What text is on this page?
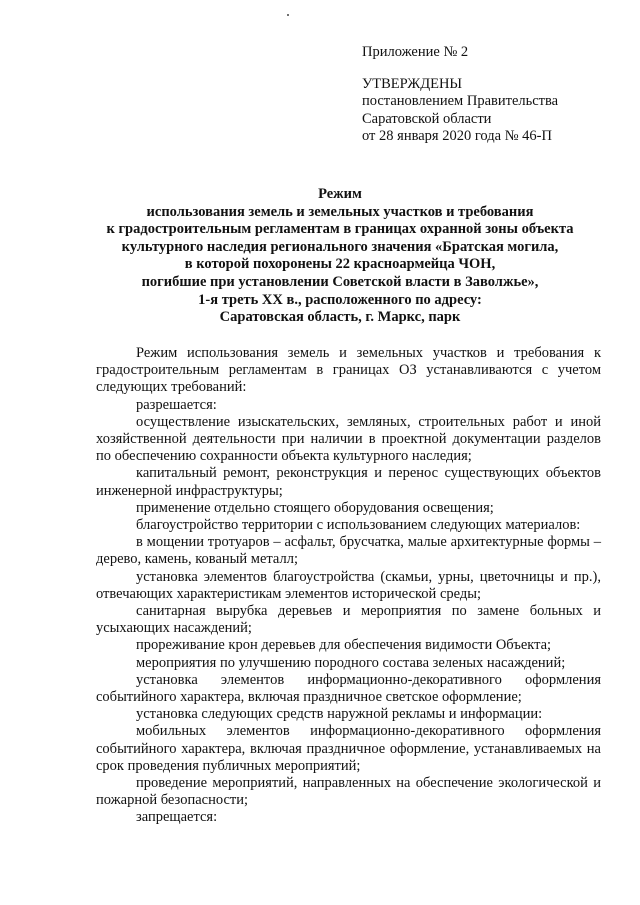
Приложение № 2
УТВЕРЖДЕНЫ
постановлением Правительства
Саратовской области
от 28 января 2020 года № 46-П
Режим
использования земель и земельных участков и требования
к градостроительным регламентам в границах охранной зоны объекта
культурного наследия регионального значения «Братская могила,
в которой похоронены 22 красноармейца ЧОН,
погибшие при установлении Советской власти в Заволжье»,
1-я треть XX в., расположенного по адресу:
Саратовская область, г. Маркс, парк

Режим использования земель и земельных участков и требования к градостроительным регламентам в границах ОЗ устанавливаются с учетом следующих требований:

разрешается:

осуществление изыскательских, земляных, строительных работ и иной хозяйственной деятельности при наличии в проектной документации разделов по обеспечению сохранности объекта культурного наследия;

капитальный ремонт, реконструкция и перенос существующих объектов инженерной инфраструктуры;

применение отдельно стоящего оборудования освещения;

благоустройство территории с использованием следующих материалов:

в мощении тротуаров – асфальт, брусчатка, малые архитектурные формы – дерево, камень, кованый металл;

установка элементов благоустройства (скамьи, урны, цветочницы и пр.), отвечающих характеристикам элементов исторической среды;

санитарная вырубка деревьев и мероприятия по замене больных и усыхающих насаждений;

прореживание крон деревьев для обеспечения видимости Объекта;

мероприятия по улучшению породного состава зеленых насаждений;

установка элементов информационно-декоративного оформления событийного характера, включая праздничное светское оформление;

установка следующих средств наружной рекламы и информации:

мобильных элементов информационно-декоративного оформления событийного характера, включая праздничное оформление, устанавливаемых на срок проведения публичных мероприятий;

проведение мероприятий, направленных на обеспечение экологической и пожарной безопасности;

запрещается:
